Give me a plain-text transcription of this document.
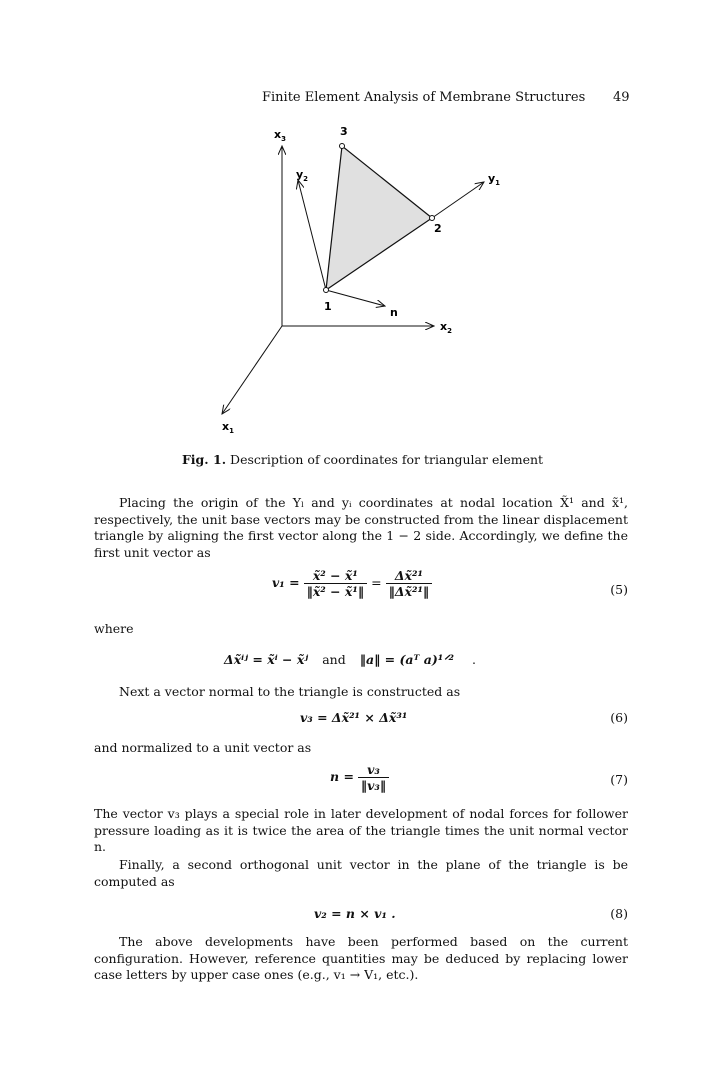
Finite Element Analysis of Membrane Structures 49
$x_3$
3
$y_2$	$y_1$
2
1	n
$x_2$
$x_1$
Fig. 1. Description of coordinates for triangular element
Placing the origin of the Yₗ and yᵢ coordinates at nodal location X̃¹ and x̃¹, respectively, the unit base vectors may be constructed from the linear displacement triangle by aligning the first vector along the 1 − 2 side. Accordingly, we define the first unit vector as
$v_1 = \frac{\text{x̃² − x̃¹}}{\text{‖x̃² − x̃¹‖}} = \frac{\text{Δx̃²¹}}{\text{‖Δx̃²¹‖}}$	(5)
where
Δx̃ⁱʲ = x̃ⁱ − x̃ʲ and ‖a‖ = (aᵀ a)¹ᐟ² .
Next a vector normal to the triangle is constructed as
v₃ = Δx̃²¹ × Δx̃³¹	(6)
and normalized to a unit vector as
$n = \frac{\text{v₃}}{\text{‖v₃‖}}$	(7)
The vector v₃ plays a special role in later development of nodal forces for follower pressure loading as it is twice the area of the triangle times the unit normal vector n.
Finally, a second orthogonal unit vector in the plane of the triangle is be computed as
v₂ = n × v₁ .	(8)
The above developments have been performed based on the current configuration. However, reference quantities may be deduced by replacing lower case letters by upper case ones (e.g., v₁ → V₁, etc.).
